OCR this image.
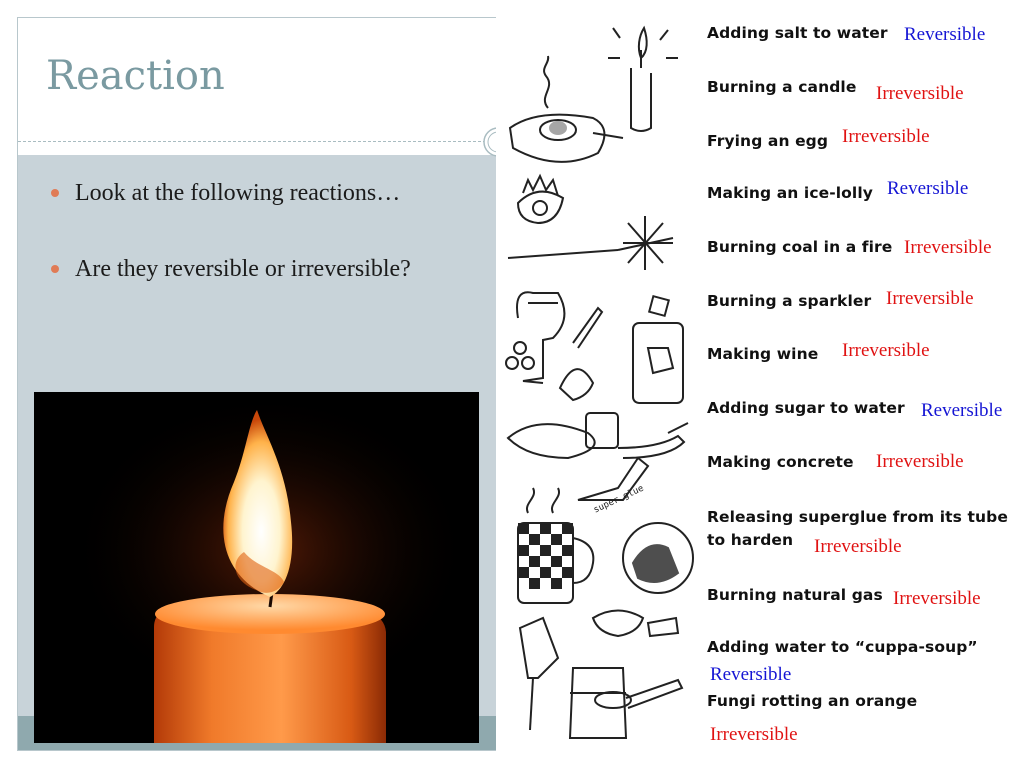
Reaction
Look at the following reactions…
Are they reversible or irreversible?
super glue
Adding salt to water Reversible
Burning a candle Irreversible
Frying an egg Irreversible
Making an ice-lolly Reversible
Burning coal in a fire Irreversible
Burning a sparkler Irreversible
Making wine Irreversible
Adding sugar to water Reversible
Making concrete Irreversible
Releasing superglue from its tube
to harden Irreversible
Burning natural gas Irreversible
Adding water to “cuppa-soup”
Reversible
Fungi rotting an orange
Irreversible
